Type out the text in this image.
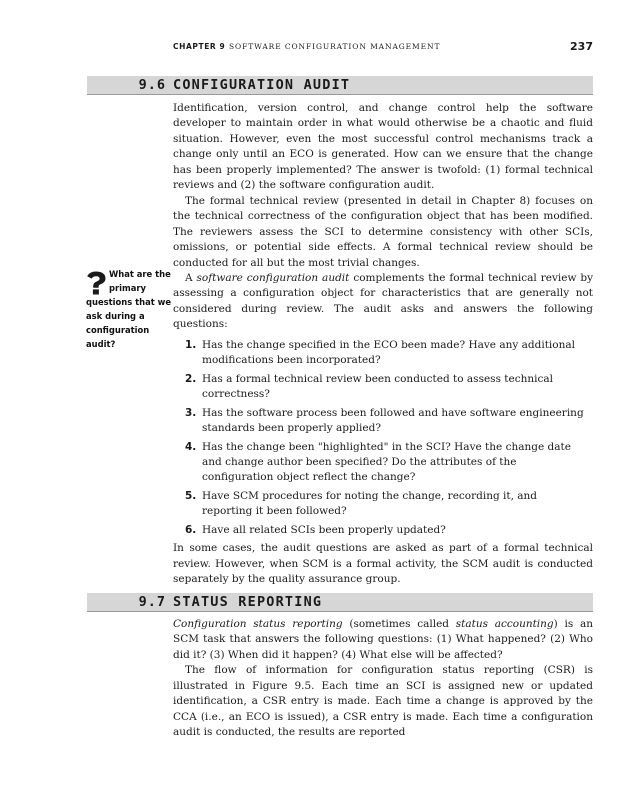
CHAPTER 9 SOFTWARE CONFIGURATION MANAGEMENT	237
9.6 CONFIGURATION AUDIT

Identification, version control, and change control help the software developer to maintain order in what would otherwise be a chaotic and fluid situation. However, even the most successful control mechanisms track a change only until an ECO is generated. How can we ensure that the change has been properly implemented? The answer is twofold: (1) formal technical reviews and (2) the software configuration audit.

The formal technical review (presented in detail in Chapter 8) focuses on the technical correctness of the configuration object that has been modified. The reviewers assess the SCI to determine consistency with other SCIs, omissions, or potential side effects. A formal technical review should be conducted for all but the most trivial changes.

A software configuration audit complements the formal technical review by assessing a configuration object for characteristics that are generally not considered during review. The audit asks and answers the following questions:

1. Has the change specified in the ECO been made? Have any additional modifications been incorporated?
2. Has a formal technical review been conducted to assess technical correctness?
3. Has the software process been followed and have software engineering standards been properly applied?
4. Has the change been "highlighted" in the SCI? Have the change date and change author been specified? Do the attributes of the configuration object reflect the change?
5. Have SCM procedures for noting the change, recording it, and reporting it been followed?
6. Have all related SCIs been properly updated?

In some cases, the audit questions are asked as part of a formal technical review. However, when SCM is a formal activity, the SCM audit is conducted separately by the quality assurance group.

What are the
primary
questions that we
ask during a
configuration
audit?
9.7 STATUS REPORTING

Configuration status reporting (sometimes called status accounting) is an SCM task that answers the following questions: (1) What happened? (2) Who did it? (3) When did it happen? (4) What else will be affected?

The flow of information for configuration status reporting (CSR) is illustrated in Figure 9.5. Each time an SCI is assigned new or updated identification, a CSR entry is made. Each time a change is approved by the CCA (i.e., an ECO is issued), a CSR entry is made. Each time a configuration audit is conducted, the results are reported
